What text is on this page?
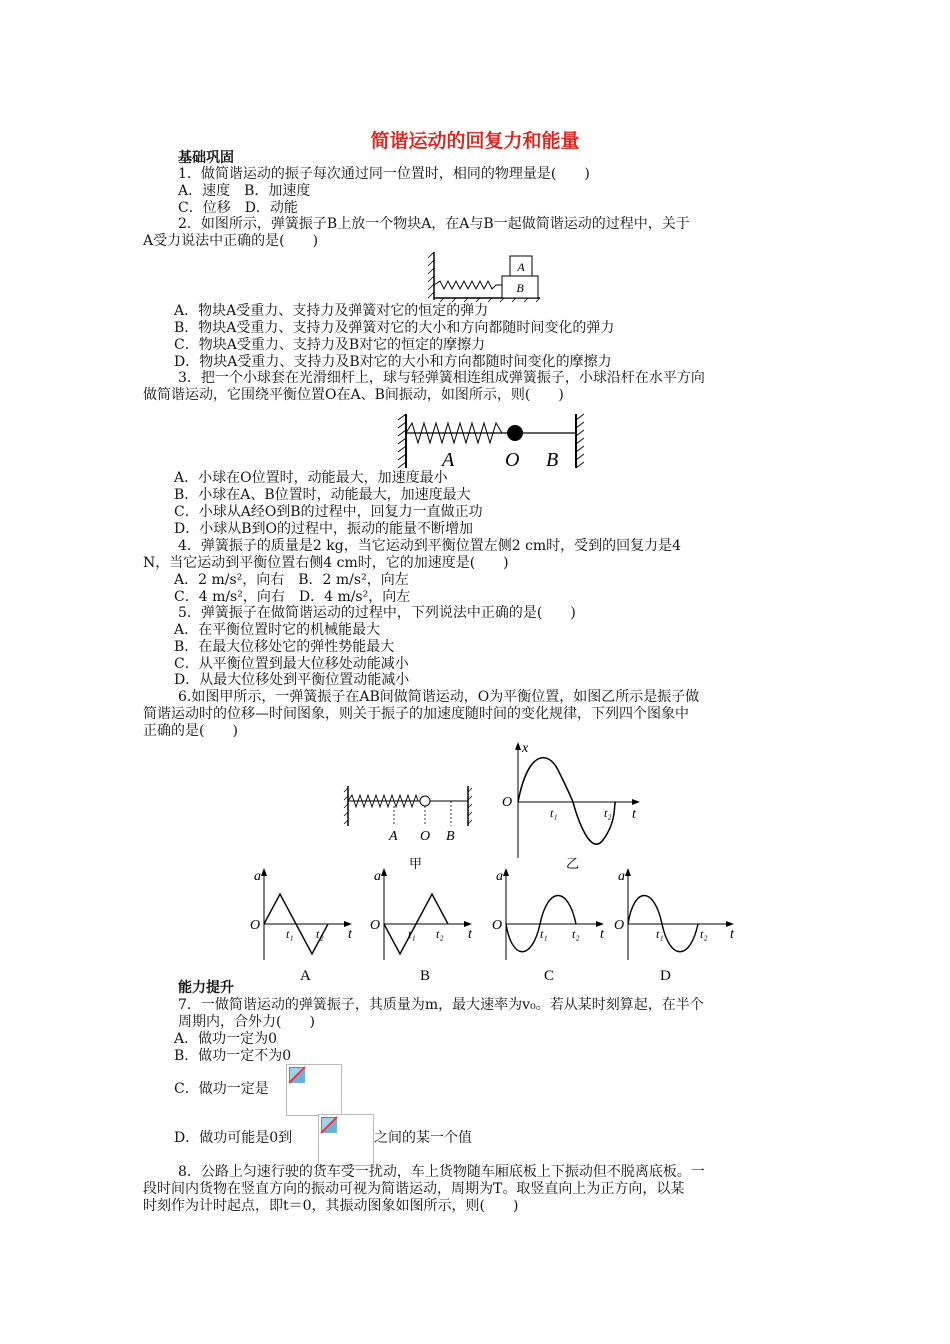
简谐运动的回复力和能量
基础巩固
1．做简谐运动的振子每次通过同一位置时，相同的物理量是(　　)
A．速度　B．加速度
C．位移　D．动能
2．如图所示，弹簧振子B上放一个物块A，在A与B一起做简谐运动的过程中，关于
A受力说法中正确的是(　　)
A
B
A．物块A受重力、支持力及弹簧对它的恒定的弹力
B．物块A受重力、支持力及弹簧对它的大小和方向都随时间变化的弹力
C．物块A受重力、支持力及B对它的恒定的摩擦力
D．物块A受重力、支持力及B对它的大小和方向都随时间变化的摩擦力
3．把一个小球套在光滑细杆上，球与轻弹簧相连组成弹簧振子，小球沿杆在水平方向
做简谐运动，它围绕平衡位置O在A、B间振动，如图所示，则(　　)
A	O B
A．小球在O位置时，动能最大，加速度最小
B．小球在A、B位置时，动能最大，加速度最大
C．小球从A经O到B的过程中，回复力一直做正功
D．小球从B到O的过程中，振动的能量不断增加
4．弹簧振子的质量是2 kg，当它运动到平衡位置左侧2 cm时，受到的回复力是4
N，当它运动到平衡位置右侧4 cm时，它的加速度是(　　)
A．2 m/s²，向右　B．2 m/s²，向左
C．4 m/s²，向右　D．4 m/s²，向左
5．弹簧振子在做简谐运动的过程中，下列说法中正确的是(　　)
A．在平衡位置时它的机械能最大
B．在最大位移处它的弹性势能最大
C．从平衡位置到最大位移处动能减小
D．从最大位移处到平衡位置动能减小
6.如图甲所示，一弹簧振子在AB间做简谐运动，O为平衡位置，如图乙所示是振子做
简谐运动时的位移—时间图象，则关于振子的加速度随时间的变化规律，下列四个图象中
正确的是(　　)
A O B
甲
x
O
t
t₁	t₂
乙
a
O
t₁ t₂ t
A
a
O
t₁ t₂ t
B
a
O
t₁ t₂ t
C
a
O
t₁	t₂ t
D
能力提升
7．一做简谐运动的弹簧振子，其质量为m，最大速率为v₀。若从某时刻算起，在半个
周期内，合外力(　　)
A．做功一定为0
B．做功一定不为0
C．做功一定是
D．做功可能是0到	之间的某一个值
8．公路上匀速行驶的货车受一扰动，车上货物随车厢底板上下振动但不脱离底板。一
段时间内货物在竖直方向的振动可视为简谐运动，周期为T。取竖直向上为正方向，以某
时刻作为计时起点，即t＝0，其振动图象如图所示，则(　　)
